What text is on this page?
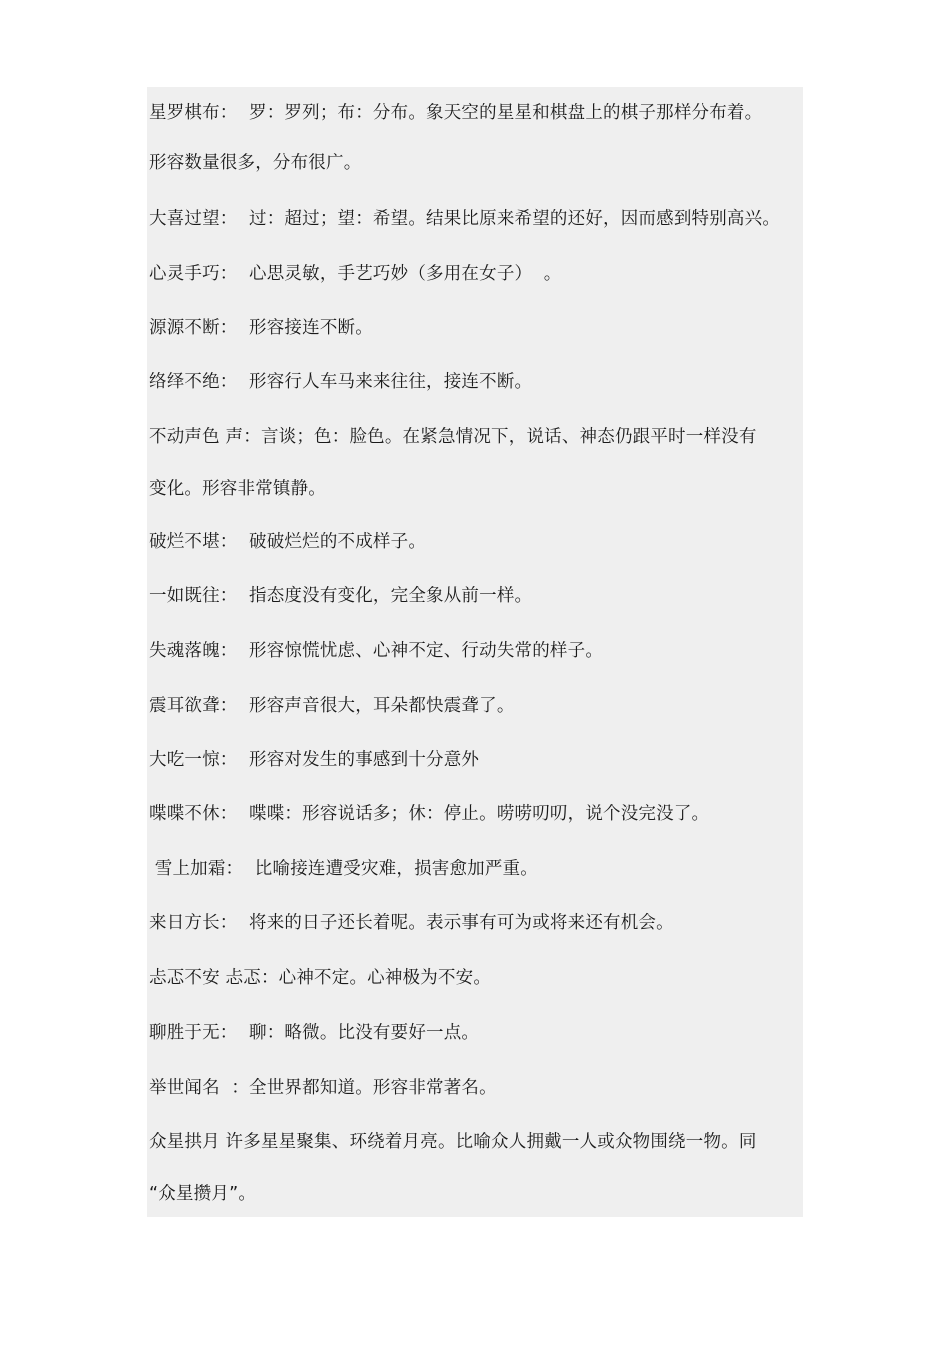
星罗棋布：  罗：罗列；布：分布。象天空的星星和棋盘上的棋子那样分布着。
形容数量很多，分布很广。
大喜过望：  过：超过；望：希望。结果比原来希望的还好，因而感到特别高兴。
心灵手巧：  心思灵敏，手艺巧妙（多用在女子）  。
源源不断：  形容接连不断。
络绎不绝：  形容行人车马来来往往，接连不断。
不动声色 声：言谈；色：脸色。在紧急情况下，说话、神态仍跟平时一样没有
变化。形容非常镇静。
破烂不堪：  破破烂烂的不成样子。
一如既往：  指态度没有变化，完全象从前一样。
失魂落魄：  形容惊慌忧虑、心神不定、行动失常的样子。
震耳欲聋：  形容声音很大，耳朵都快震聋了。
大吃一惊：  形容对发生的事感到十分意外
喋喋不休：  喋喋：形容说话多；休：停止。唠唠叨叨，说个没完没了。
雪上加霜：  比喻接连遭受灾难，损害愈加严重。
来日方长：  将来的日子还长着呢。表示事有可为或将来还有机会。
忐忑不安 忐忑：心神不定。心神极为不安。
聊胜于无：  聊：略微。比没有要好一点。
举世闻名  ：全世界都知道。形容非常著名。
众星拱月 许多星星聚集、环绕着月亮。比喻众人拥戴一人或众物围绕一物。同
“众星攒月”。
